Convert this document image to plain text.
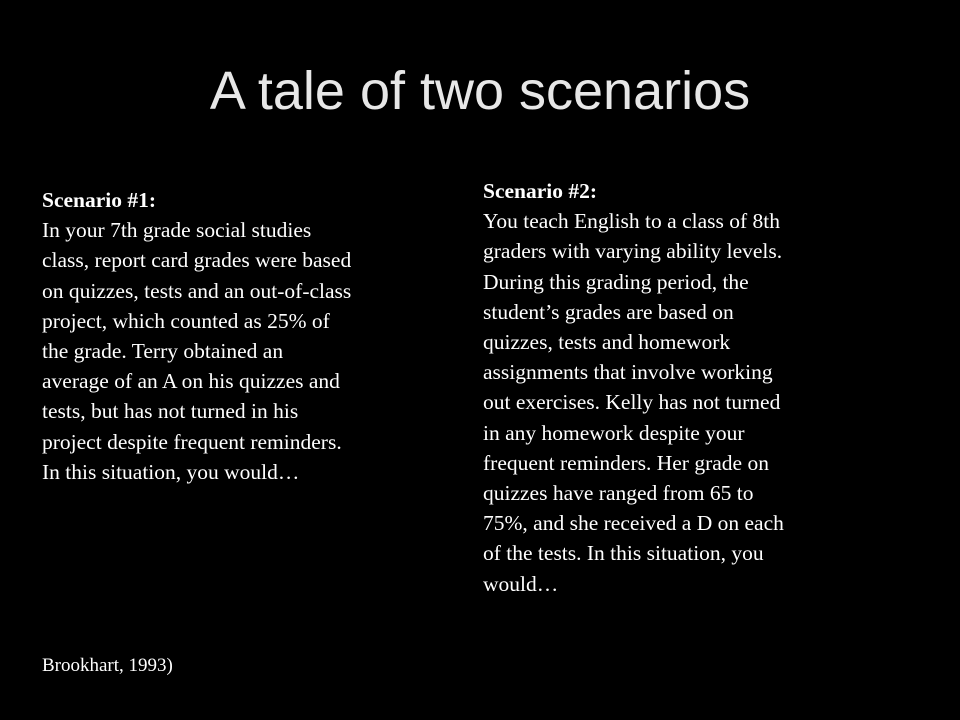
A tale of two scenarios
Scenario #1:
In your 7th grade social studies
class, report card grades were based
on quizzes, tests and an out-of-class
project, which counted as 25% of
the grade. Terry obtained an
average of an A on his quizzes and
tests, but has not turned in his
project despite frequent reminders.
In this situation, you would…
Scenario #2:
You teach English to a class of 8th
graders with varying ability levels.
During this grading period, the
student’s grades are based on
quizzes, tests and homework
assignments that involve working
out exercises. Kelly has not turned
in any homework despite your
frequent reminders. Her grade on
quizzes have ranged from 65 to
75%, and she received a D on each
of the tests. In this situation, you
would…
Brookhart, 1993)
